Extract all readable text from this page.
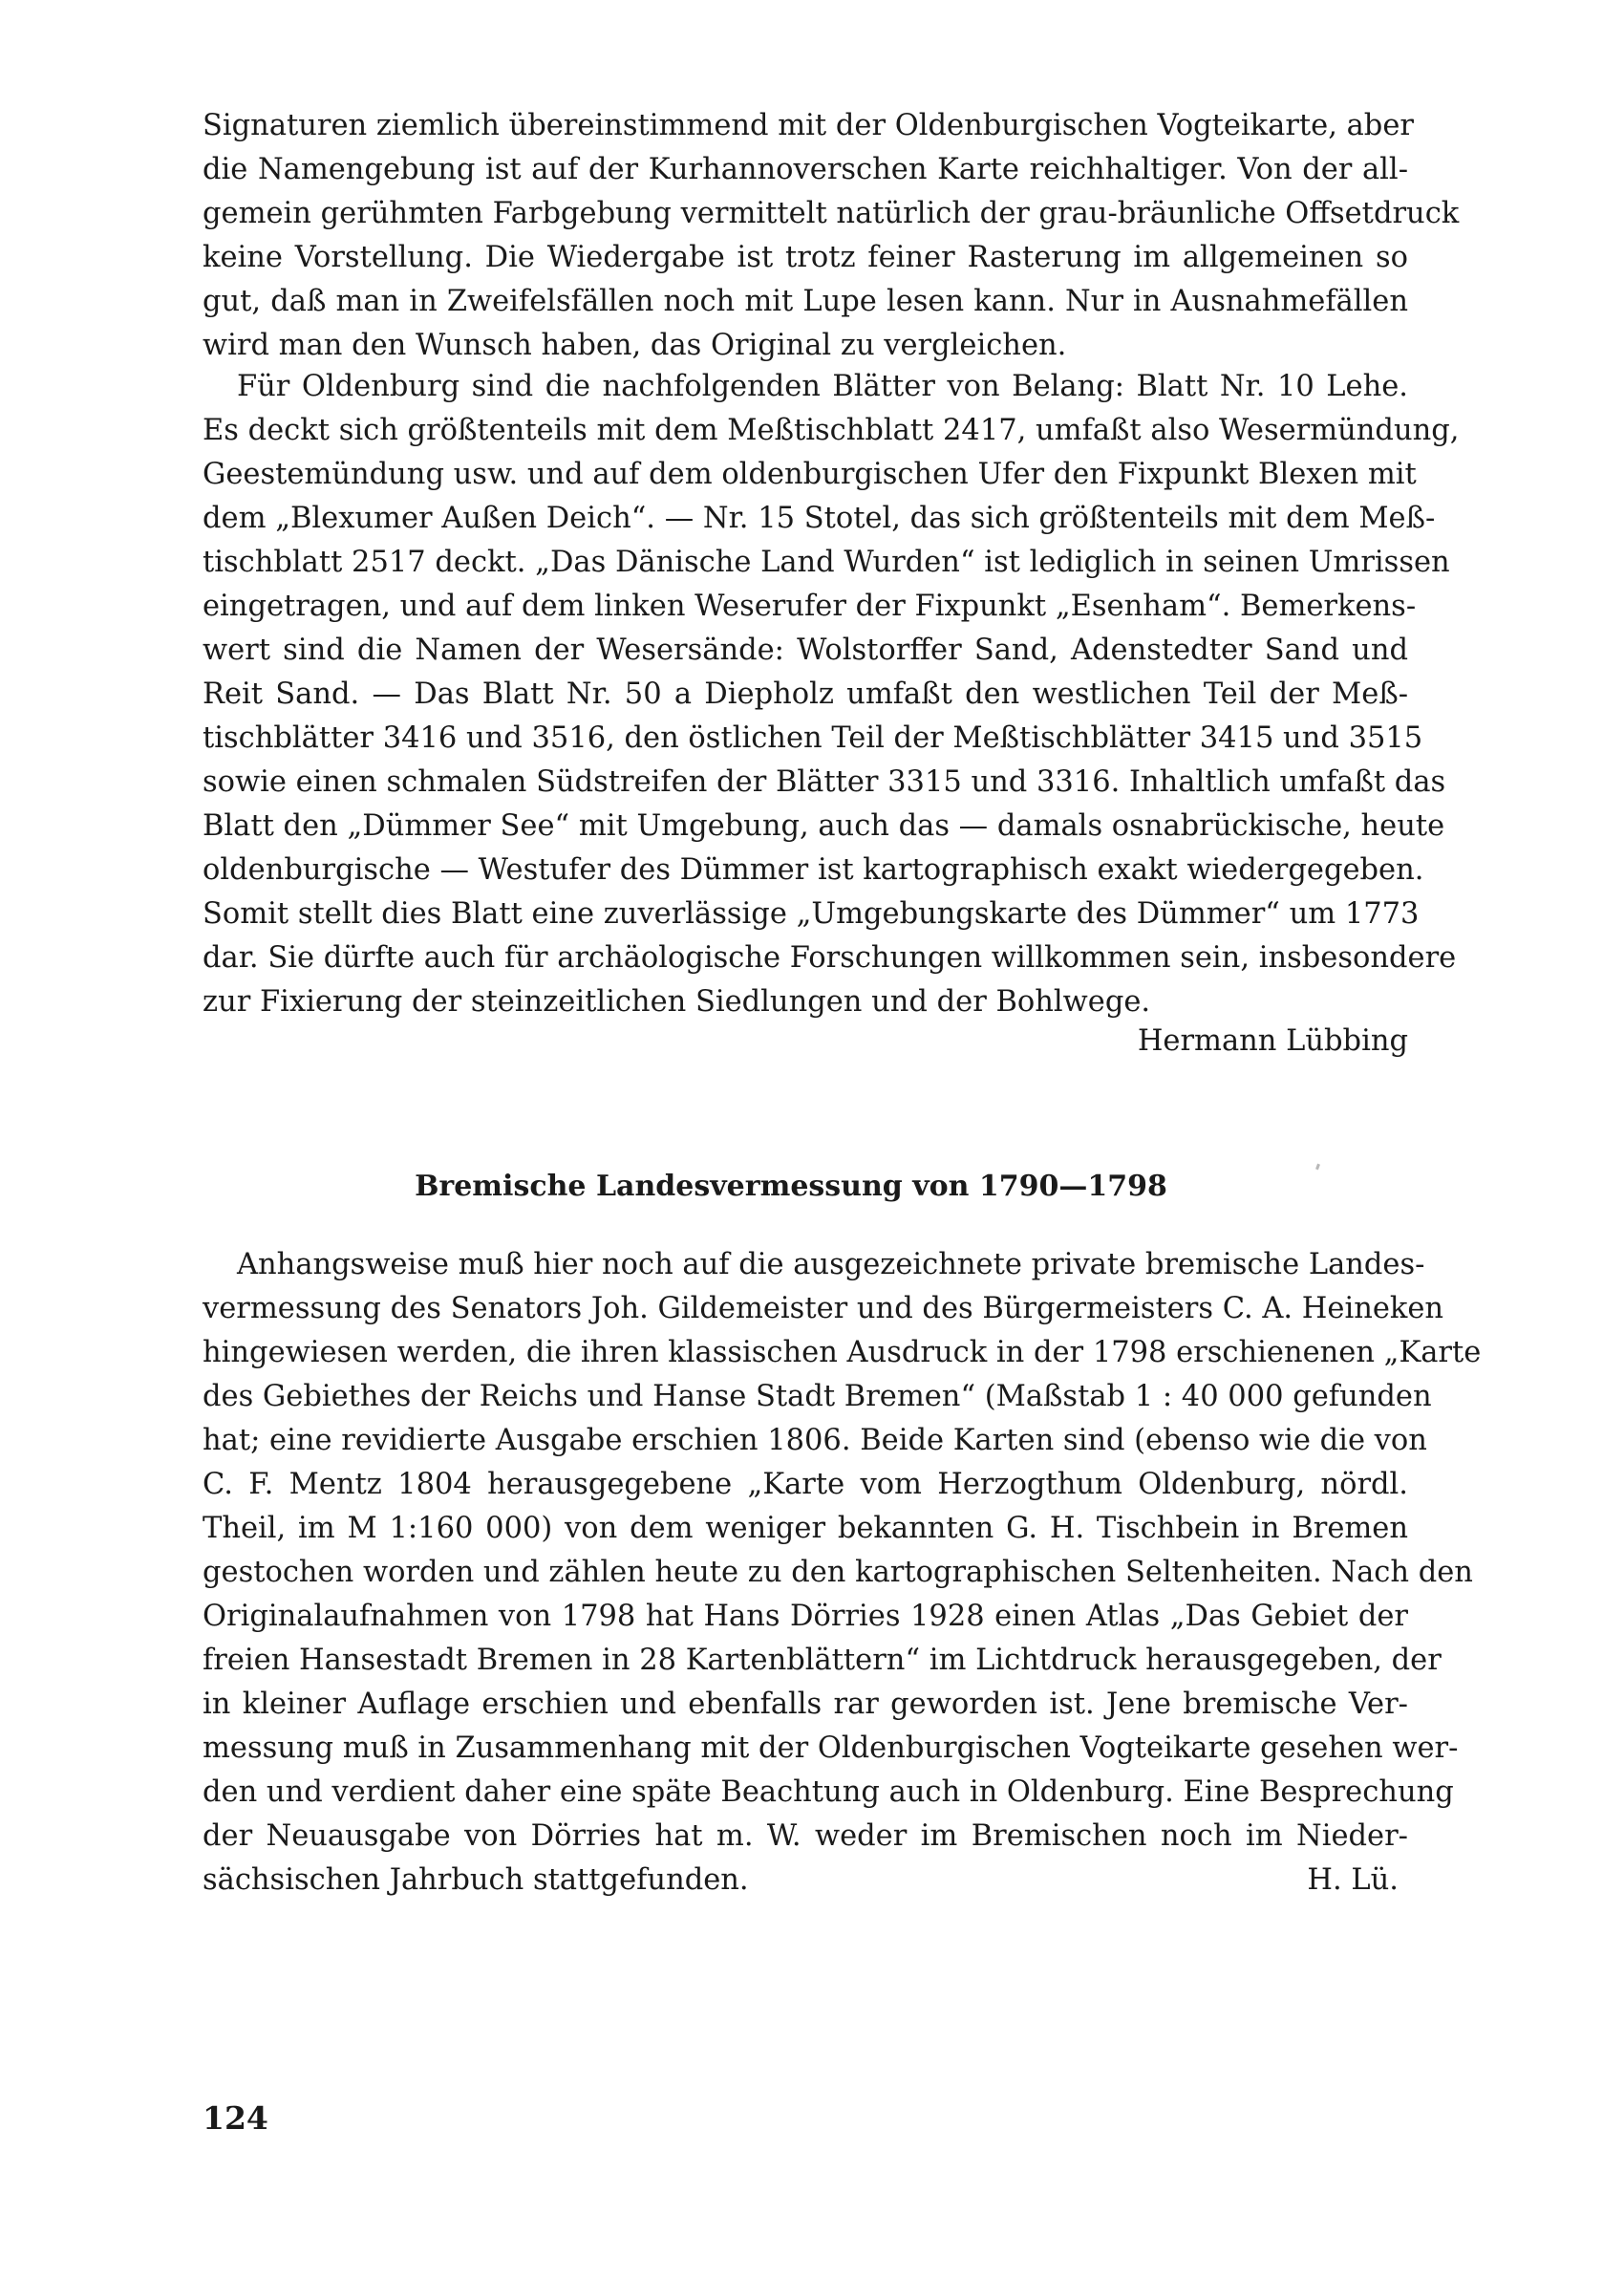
Signaturen ziemlich übereinstimmend mit der Oldenburgischen Vogteikarte, aber
die Namengebung ist auf der Kurhannoverschen Karte reichhaltiger. Von der all-
gemein gerühmten Farbgebung vermittelt natürlich der grau-bräunliche Offsetdruck
keine Vorstellung. Die Wiedergabe ist trotz feiner Rasterung im allgemeinen so
gut, daß man in Zweifelsfällen noch mit Lupe lesen kann. Nur in Ausnahmefällen
wird man den Wunsch haben, das Original zu vergleichen.
Für Oldenburg sind die nachfolgenden Blätter von Belang: Blatt Nr. 10 Lehe.
Es deckt sich größtenteils mit dem Meßtischblatt 2417, umfaßt also Wesermündung,
Geestemündung usw. und auf dem oldenburgischen Ufer den Fixpunkt Blexen mit
dem „Blexumer Außen Deich“. — Nr. 15 Stotel, das sich größtenteils mit dem Meß-
tischblatt 2517 deckt. „Das Dänische Land Wurden“ ist lediglich in seinen Umrissen
eingetragen, und auf dem linken Weserufer der Fixpunkt „Esenham“. Bemerkens-
wert sind die Namen der Wesersände: Wolstorffer Sand, Adenstedter Sand und
Reit Sand. — Das Blatt Nr. 50 a Diepholz umfaßt den westlichen Teil der Meß-
tischblätter 3416 und 3516, den östlichen Teil der Meßtischblätter 3415 und 3515
sowie einen schmalen Südstreifen der Blätter 3315 und 3316. Inhaltlich umfaßt das
Blatt den „Dümmer See“ mit Umgebung, auch das — damals osnabrückische, heute
oldenburgische — Westufer des Dümmer ist kartographisch exakt wiedergegeben.
Somit stellt dies Blatt eine zuverlässige „Umgebungskarte des Dümmer“ um 1773
dar. Sie dürfte auch für archäologische Forschungen willkommen sein, insbesondere
zur Fixierung der steinzeitlichen Siedlungen und der Bohlwege.
Hermann Lübbing
Bremische Landesvermessung von 1790—1798
Anhangsweise muß hier noch auf die ausgezeichnete private bremische Landes-
vermessung des Senators Joh. Gildemeister und des Bürgermeisters C. A. Heineken
hingewiesen werden, die ihren klassischen Ausdruck in der 1798 erschienenen „Karte
des Gebiethes der Reichs und Hanse Stadt Bremen“ (Maßstab 1 : 40 000 gefunden
hat; eine revidierte Ausgabe erschien 1806. Beide Karten sind (ebenso wie die von
C. F. Mentz 1804 herausgegebene „Karte vom Herzogthum Oldenburg, nördl.
Theil, im M 1:160 000) von dem weniger bekannten G. H. Tischbein in Bremen
gestochen worden und zählen heute zu den kartographischen Seltenheiten. Nach den
Originalaufnahmen von 1798 hat Hans Dörries 1928 einen Atlas „Das Gebiet der
freien Hansestadt Bremen in 28 Kartenblättern“ im Lichtdruck herausgegeben, der
in kleiner Auflage erschien und ebenfalls rar geworden ist. Jene bremische Ver-
messung muß in Zusammenhang mit der Oldenburgischen Vogteikarte gesehen wer-
den und verdient daher eine späte Beachtung auch in Oldenburg. Eine Besprechung
der Neuausgabe von Dörries hat m. W. weder im Bremischen noch im Nieder-
sächsischen Jahrbuch stattgefunden.	H. Lü.
124
